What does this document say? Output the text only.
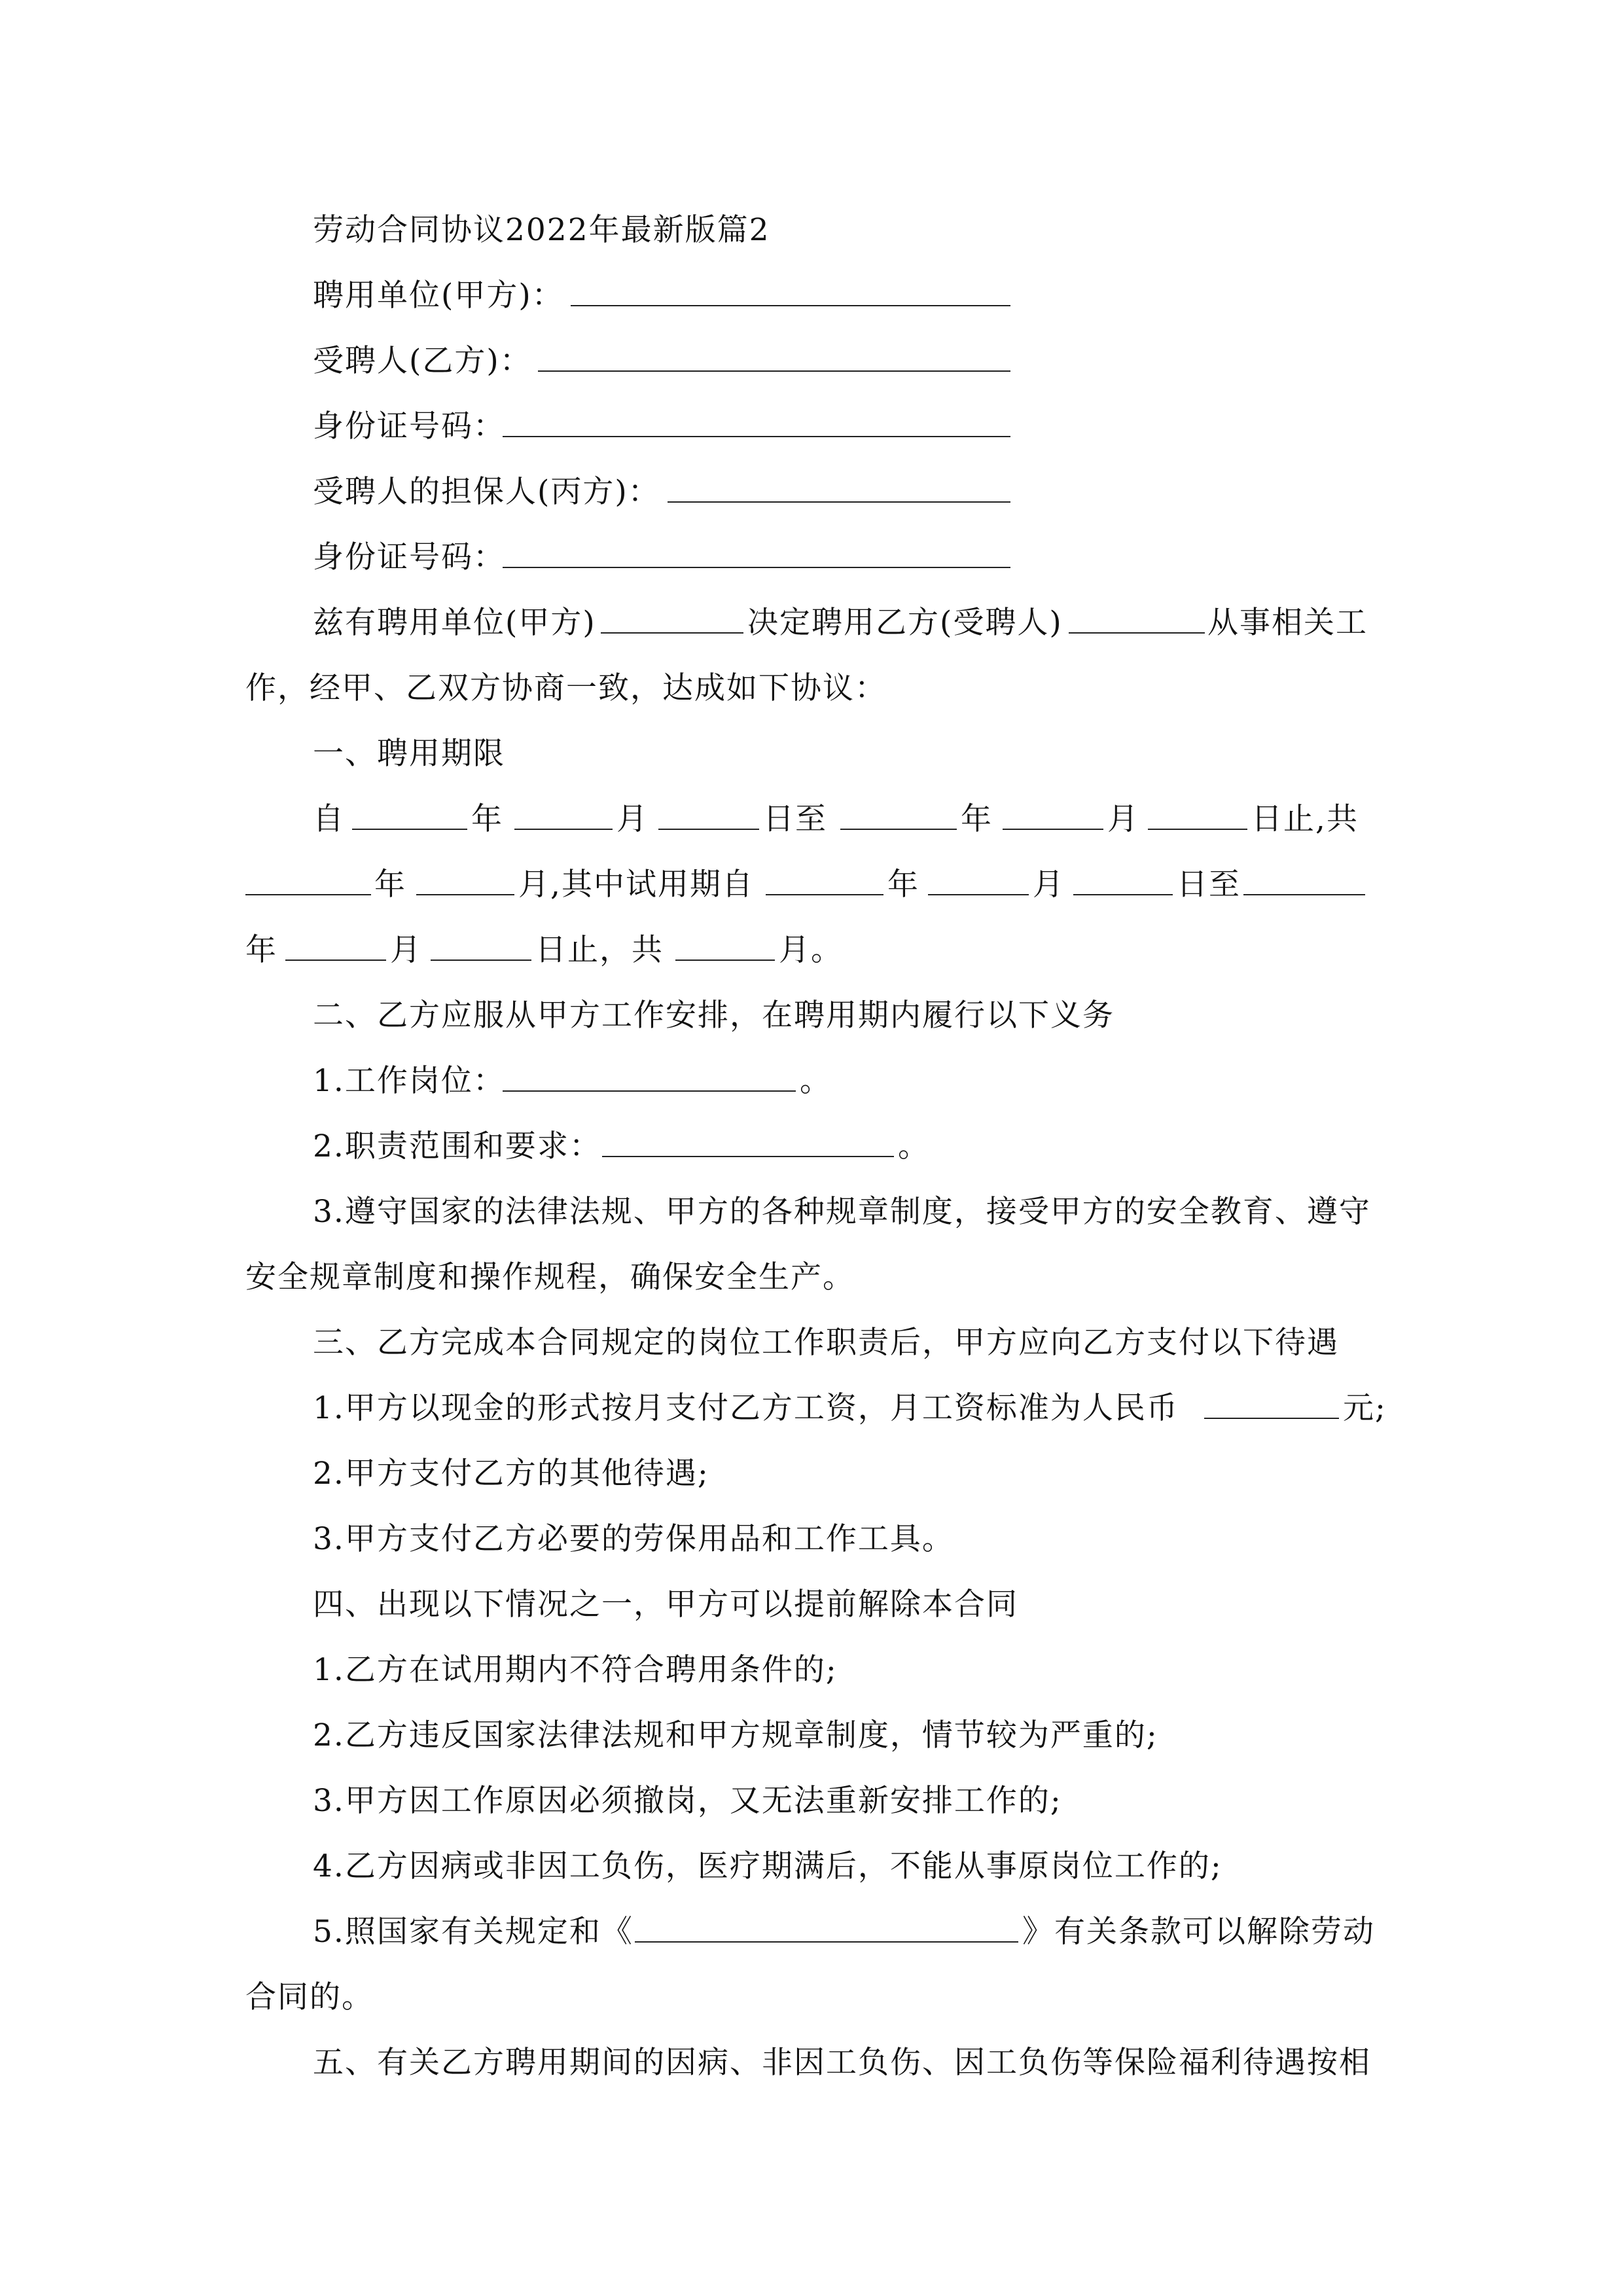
劳动合同协议2022年最新版篇2
聘用单位(甲方)：
受聘人(乙方)：
身份证号码：
受聘人的担保人(丙方)：
身份证号码：
兹有聘用单位(甲方)	决定聘用乙方(受聘人)	从事相关工
作，经甲、乙双方协商一致，达成如下协议：
一、聘用期限
自	年	月	日至	年	月	日止,共
年	月,其中试用期自	年	月	日至
年	月	日止，共	月。
二、乙方应服从甲方工作安排，在聘用期内履行以下义务
1.工作岗位：	。
2.职责范围和要求：	。
3.遵守国家的法律法规、甲方的各种规章制度，接受甲方的安全教育、遵守
安全规章制度和操作规程，确保安全生产。
三、乙方完成本合同规定的岗位工作职责后，甲方应向乙方支付以下待遇
1.甲方以现金的形式按月支付乙方工资，月工资标准为人民币	元;
2.甲方支付乙方的其他待遇;
3.甲方支付乙方必要的劳保用品和工作工具。
四、出现以下情况之一，甲方可以提前解除本合同
1.乙方在试用期内不符合聘用条件的;
2.乙方违反国家法律法规和甲方规章制度，情节较为严重的;
3.甲方因工作原因必须撤岗，又无法重新安排工作的;
4.乙方因病或非因工负伤，医疗期满后，不能从事原岗位工作的;
5.照国家有关规定和《	》有关条款可以解除劳动
合同的。
五、有关乙方聘用期间的因病、非因工负伤、因工负伤等保险福利待遇按相
